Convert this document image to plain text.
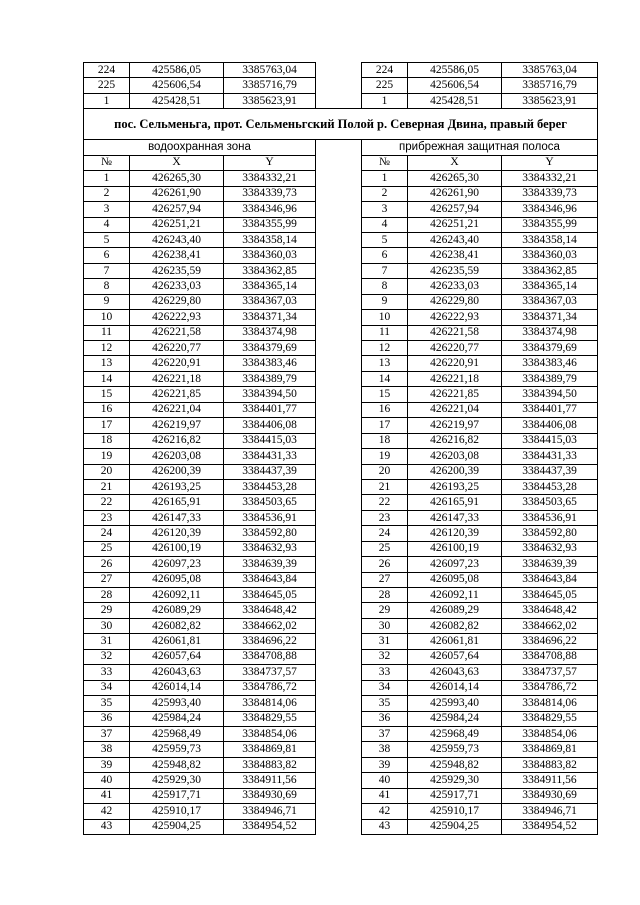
224	425586,05	3385763,04		224	425586,05	3385763,04
225	425606,54	3385716,79		225	425606,54	3385716,79
1	425428,51	3385623,91		1	425428,51	3385623,91
пос. Сельменьга, прот. Сельменьгский Полой р. Северная Двина, правый берег						
водоохранная зона				прибрежная защитная полоса		
№	X	Y		№	X	Y
1	426265,30	3384332,21		1	426265,30	3384332,21
2	426261,90	3384339,73		2	426261,90	3384339,73
3	426257,94	3384346,96		3	426257,94	3384346,96
4	426251,21	3384355,99		4	426251,21	3384355,99
5	426243,40	3384358,14		5	426243,40	3384358,14
6	426238,41	3384360,03		6	426238,41	3384360,03
7	426235,59	3384362,85		7	426235,59	3384362,85
8	426233,03	3384365,14		8	426233,03	3384365,14
9	426229,80	3384367,03		9	426229,80	3384367,03
10	426222,93	3384371,34		10	426222,93	3384371,34
11	426221,58	3384374,98		11	426221,58	3384374,98
12	426220,77	3384379,69		12	426220,77	3384379,69
13	426220,91	3384383,46		13	426220,91	3384383,46
14	426221,18	3384389,79		14	426221,18	3384389,79
15	426221,85	3384394,50		15	426221,85	3384394,50
16	426221,04	3384401,77		16	426221,04	3384401,77
17	426219,97	3384406,08		17	426219,97	3384406,08
18	426216,82	3384415,03		18	426216,82	3384415,03
19	426203,08	3384431,33		19	426203,08	3384431,33
20	426200,39	3384437,39		20	426200,39	3384437,39
21	426193,25	3384453,28		21	426193,25	3384453,28
22	426165,91	3384503,65		22	426165,91	3384503,65
23	426147,33	3384536,91		23	426147,33	3384536,91
24	426120,39	3384592,80		24	426120,39	3384592,80
25	426100,19	3384632,93		25	426100,19	3384632,93
26	426097,23	3384639,39		26	426097,23	3384639,39
27	426095,08	3384643,84		27	426095,08	3384643,84
28	426092,11	3384645,05		28	426092,11	3384645,05
29	426089,29	3384648,42		29	426089,29	3384648,42
30	426082,82	3384662,02		30	426082,82	3384662,02
31	426061,81	3384696,22		31	426061,81	3384696,22
32	426057,64	3384708,88		32	426057,64	3384708,88
33	426043,63	3384737,57		33	426043,63	3384737,57
34	426014,14	3384786,72		34	426014,14	3384786,72
35	425993,40	3384814,06		35	425993,40	3384814,06
36	425984,24	3384829,55		36	425984,24	3384829,55
37	425968,49	3384854,06		37	425968,49	3384854,06
38	425959,73	3384869,81		38	425959,73	3384869,81
39	425948,82	3384883,82		39	425948,82	3384883,82
40	425929,30	3384911,56		40	425929,30	3384911,56
41	425917,71	3384930,69		41	425917,71	3384930,69
42	425910,17	3384946,71		42	425910,17	3384946,71
43	425904,25	3384954,52		43	425904,25	3384954,52
